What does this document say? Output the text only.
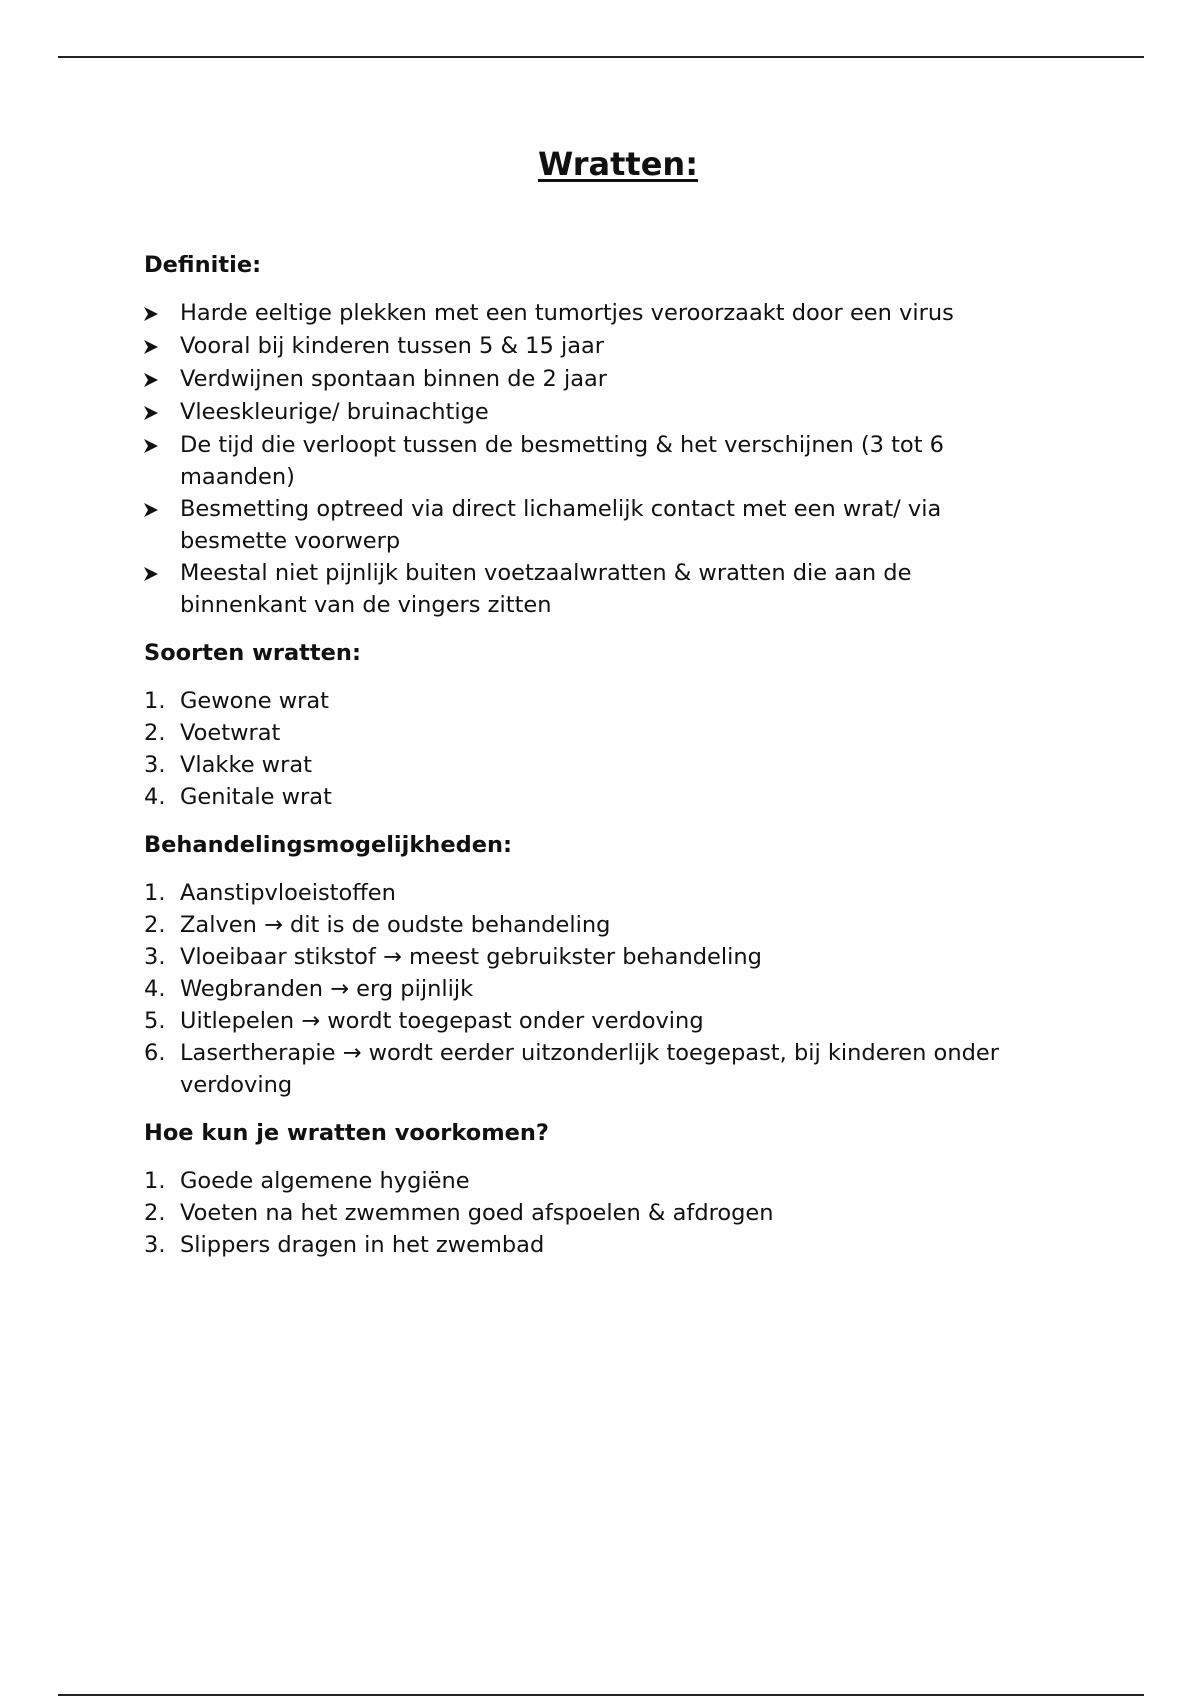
Wratten:
Definitie:
Harde eeltige plekken met een tumortjes veroorzaakt door een virus
Vooral bij kinderen tussen 5 & 15 jaar
Verdwijnen spontaan binnen de 2 jaar
Vleeskleurige/ bruinachtige
De tijd die verloopt tussen de besmetting & het verschijnen (3 tot 6 maanden)
Besmetting optreed via direct lichamelijk contact met een wrat/ via besmette voorwerp
Meestal niet pijnlijk buiten voetzaalwratten & wratten die aan de binnenkant van de vingers zitten
Soorten wratten:
1. Gewone wrat
2. Voetwrat
3. Vlakke wrat
4. Genitale wrat
Behandelingsmogelijkheden:
1. Aanstipvloeistoffen
2. Zalven → dit is de oudste behandeling
3. Vloeibaar stikstof → meest gebruikster behandeling
4. Wegbranden → erg pijnlijk
5. Uitlepelen → wordt toegepast onder verdoving
6. Lasertherapie → wordt eerder uitzonderlijk toegepast, bij kinderen onder verdoving
Hoe kun je wratten voorkomen?
1. Goede algemene hygiëne
2. Voeten na het zwemmen goed afspoelen & afdrogen
3. Slippers dragen in het zwembad
